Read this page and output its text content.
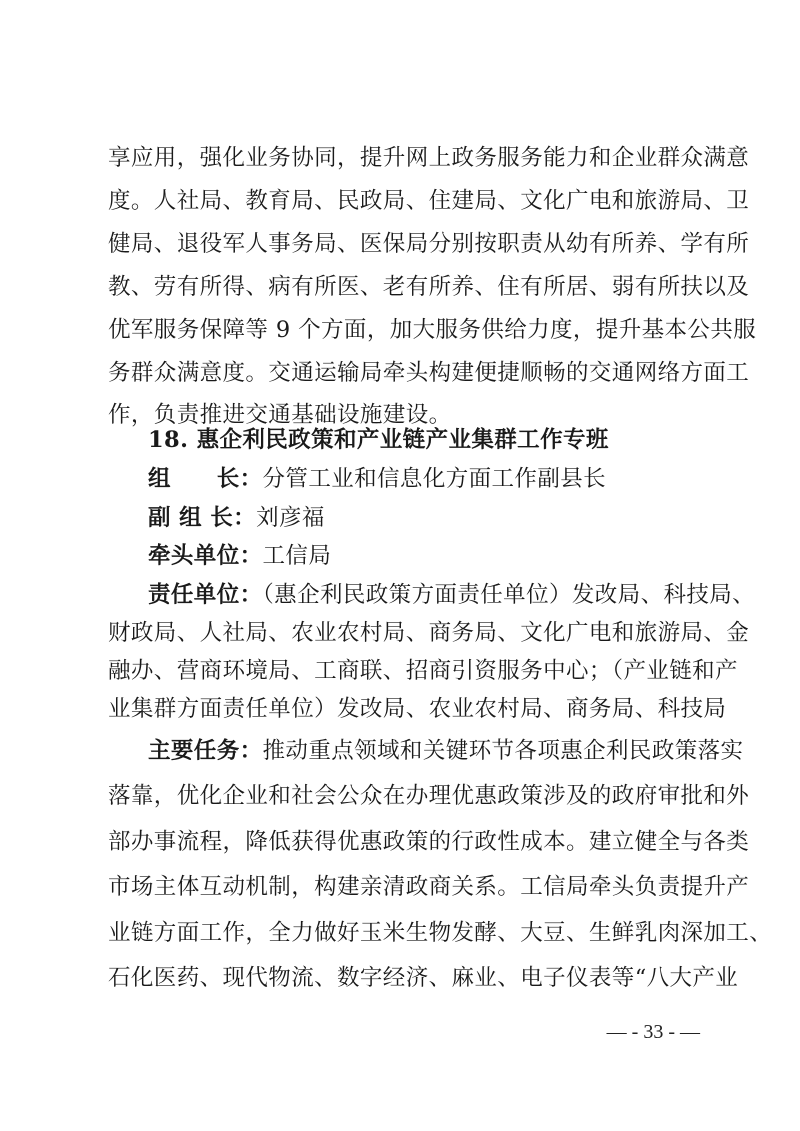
享应用，强化业务协同，提升网上政务服务能力和企业群众满意
度。人社局、教育局、民政局、住建局、文化广电和旅游局、卫
健局、退役军人事务局、医保局分别按职责从幼有所养、学有所
教、劳有所得、病有所医、老有所养、住有所居、弱有所扶以及
优军服务保障等 9 个方面，加大服务供给力度，提升基本公共服
务群众满意度。交通运输局牵头构建便捷顺畅的交通网络方面工
作，负责推进交通基础设施建设。
18. 惠企利民政策和产业链产业集群工作专班
组　　长：分管工业和信息化方面工作副县长
副 组 长：刘彦福
牵头单位：工信局
责任单位：（惠企利民政策方面责任单位）发改局、科技局、
财政局、人社局、农业农村局、商务局、文化广电和旅游局、金
融办、营商环境局、工商联、招商引资服务中心；（产业链和产
业集群方面责任单位）发改局、农业农村局、商务局、科技局
主要任务：推动重点领域和关键环节各项惠企利民政策落实
落靠，优化企业和社会公众在办理优惠政策涉及的政府审批和外
部办事流程，降低获得优惠政策的行政性成本。建立健全与各类
市场主体互动机制，构建亲清政商关系。工信局牵头负责提升产
— - 33 - —
业链方面工作，全力做好玉米生物发酵、大豆、生鲜乳肉深加工、
石化医药、现代物流、数字经济、麻业、电子仪表等“八大产业
